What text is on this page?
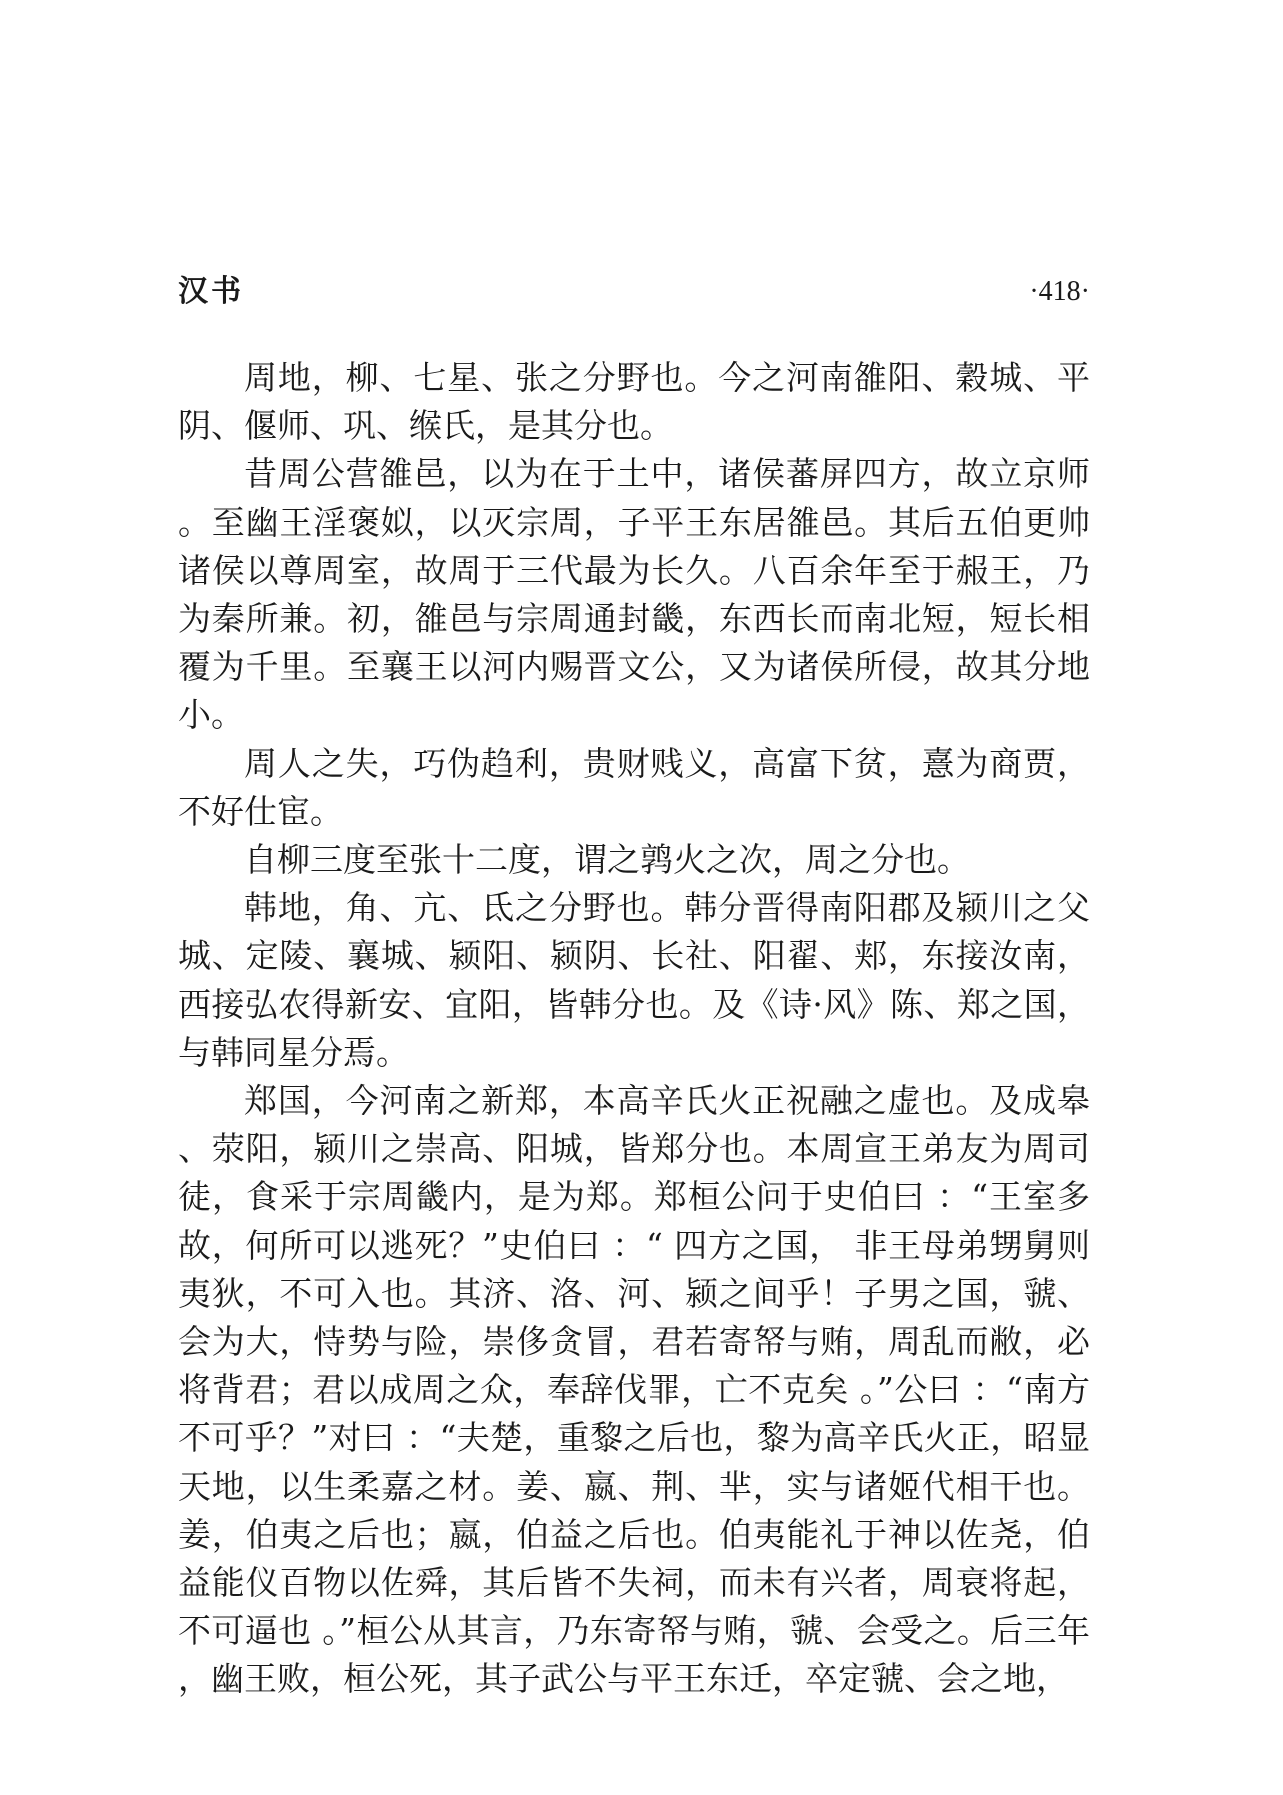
汉书	·418·

周地，柳、七星、张之分野也。今之河南雒阳、穀城、平阴、偃师、巩、缑氏，是其分也。

昔周公营雒邑，以为在于土中，诸侯蕃屏四方，故立京师。至幽王淫褒姒，以灭宗周，子平王东居雒邑。其后五伯更帅诸侯以尊周室，故周于三代最为长久。八百余年至于赧王，乃为秦所兼。初，雒邑与宗周通封畿，东西长而南北短，短长相覆为千里。至襄王以河内赐晋文公，又为诸侯所侵，故其分地小。

周人之失，巧伪趋利，贵财贱义，高富下贫，憙为商贾，不好仕宦。

自柳三度至张十二度，谓之鹑火之次，周之分也。

韩地，角、亢、氐之分野也。韩分晋得南阳郡及颍川之父城、定陵、襄城、颍阳、颍阴、长社、阳翟、郏，东接汝南，西接弘农得新安、宜阳，皆韩分也。及《诗·风》陈、郑之国，与韩同星分焉。

郑国，今河南之新郑，本高辛氏火正祝融之虚也。及成皋、荥阳，颍川之崇高、阳城，皆郑分也。本周宣王弟友为周司徒，食采于宗周畿内，是为郑。郑桓公问于史伯曰 ：“王室多故，何所可以逃死？”史伯曰 ：“ 四方之国， 非王母弟甥舅则夷狄，不可入也。其济、洛、河、颍之间乎！子男之国，虢、会为大，恃势与险，崇侈贪冒，君若寄帑与贿，周乱而敝，必将背君；君以成周之众，奉辞伐罪，亡不克矣 。”公曰 ：“南方不可乎？”对曰 ：“夫楚，重黎之后也，黎为高辛氏火正，昭显天地，以生柔嘉之材。姜、嬴、荆、芈，实与诸姬代相干也。姜，伯夷之后也；嬴，伯益之后也。伯夷能礼于神以佐尧，伯益能仪百物以佐舜，其后皆不失祠，而未有兴者，周衰将起，不可逼也 。”桓公从其言，乃东寄帑与贿，虢、会受之。后三年，幽王败，桓公死，其子武公与平王东迁，卒定虢、会之地，
